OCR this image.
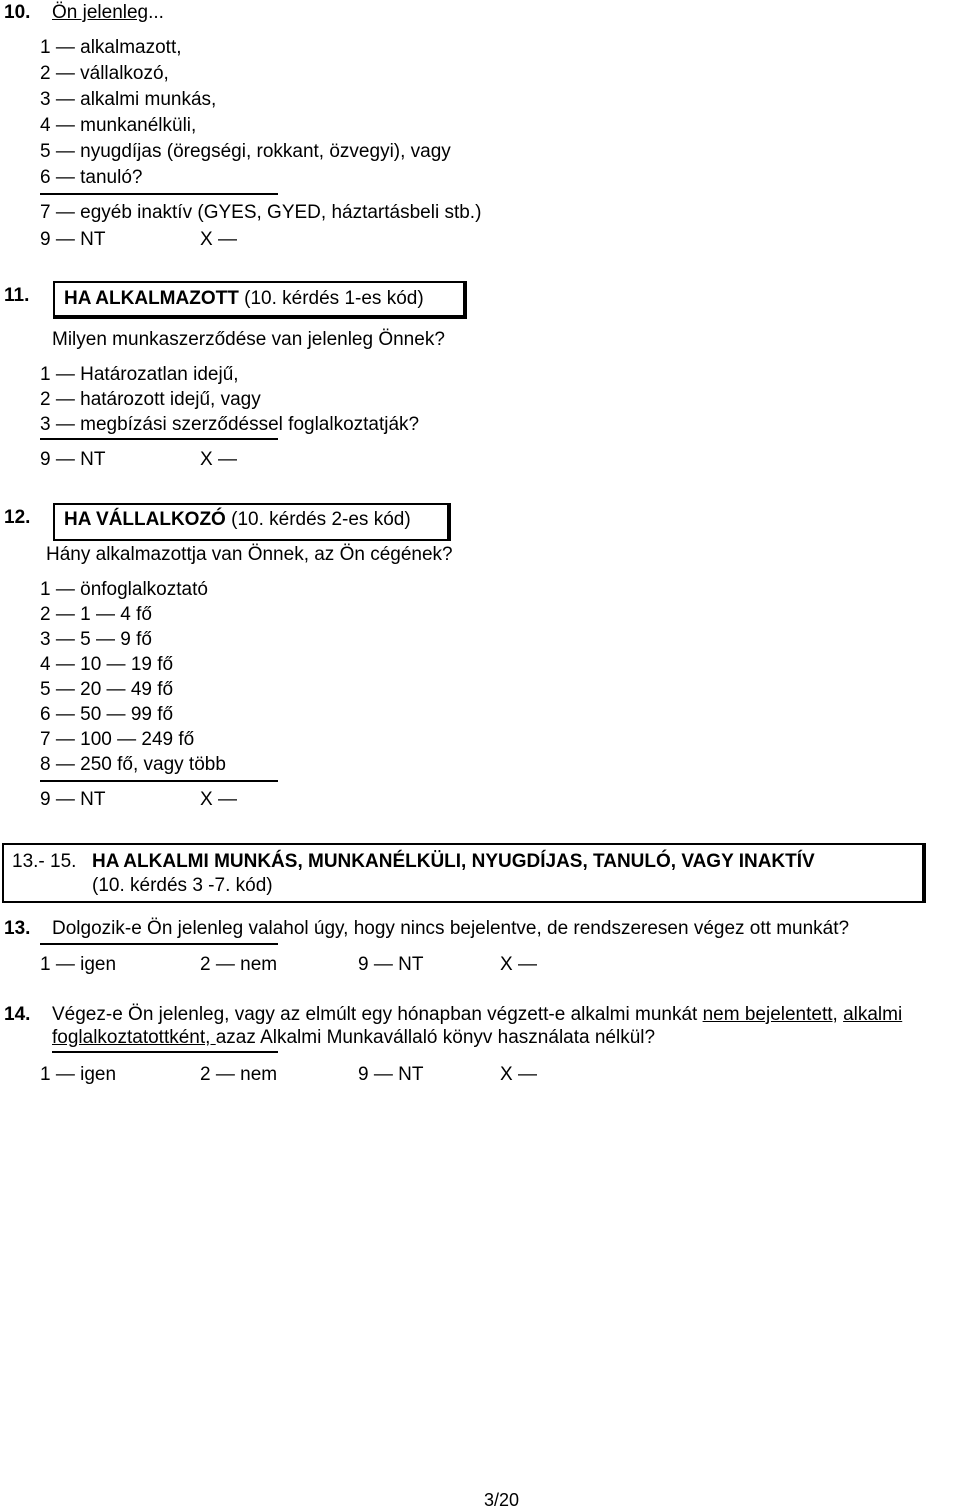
10. Ön jelenleg...
1 — alkalmazott,
2 — vállalkozó,
3 — alkalmi munkás,
4 — munkanélküli,
5 — nyugdíjas (öregségi, rokkant, özvegyi), vagy
6 — tanuló?
7 — egyéb inaktív (GYES, GYED, háztartásbeli stb.)
9 — NT	X —
11. HA ALKALMAZOTT (10. kérdés 1-es kód)
Milyen munkaszerződése van jelenleg Önnek?
1 — Határozatlan idejű,
2 — határozott idejű, vagy
3 — megbízási szerződéssel foglalkoztatják?
9 — NT	X —
12. HA VÁLLALKOZÓ (10. kérdés 2-es kód)
Hány alkalmazottja van Önnek, az Ön cégének?
1 — önfoglalkoztató
2 — 1 — 4 fő
3 — 5 — 9 fő
4 — 10 — 19 fő
5 — 20 — 49 fő
6 — 50 — 99 fő
7 — 100 — 249 fő
8 — 250 fő, vagy több
9 — NT	X —
13.- 15. HA ALKALMI MUNKÁS, MUNKANÉLKÜLI, NYUGDÍJAS, TANULÓ, VAGY INAKTÍV
(10. kérdés 3 -7. kód)
13. Dolgozik-e Ön jelenleg valahol úgy, hogy nincs bejelentve, de rendszeresen végez ott munkát?
1 — igen	2 — nem	9 — NT	X —
14. Végez-e Ön jelenleg, vagy az elmúlt egy hónapban végzett-e alkalmi munkát nem bejelentett, alkalmi
foglalkoztatottként, azaz Alkalmi Munkavállaló könyv használata nélkül?
1 — igen	2 — nem	9 — NT	X —
3/20
